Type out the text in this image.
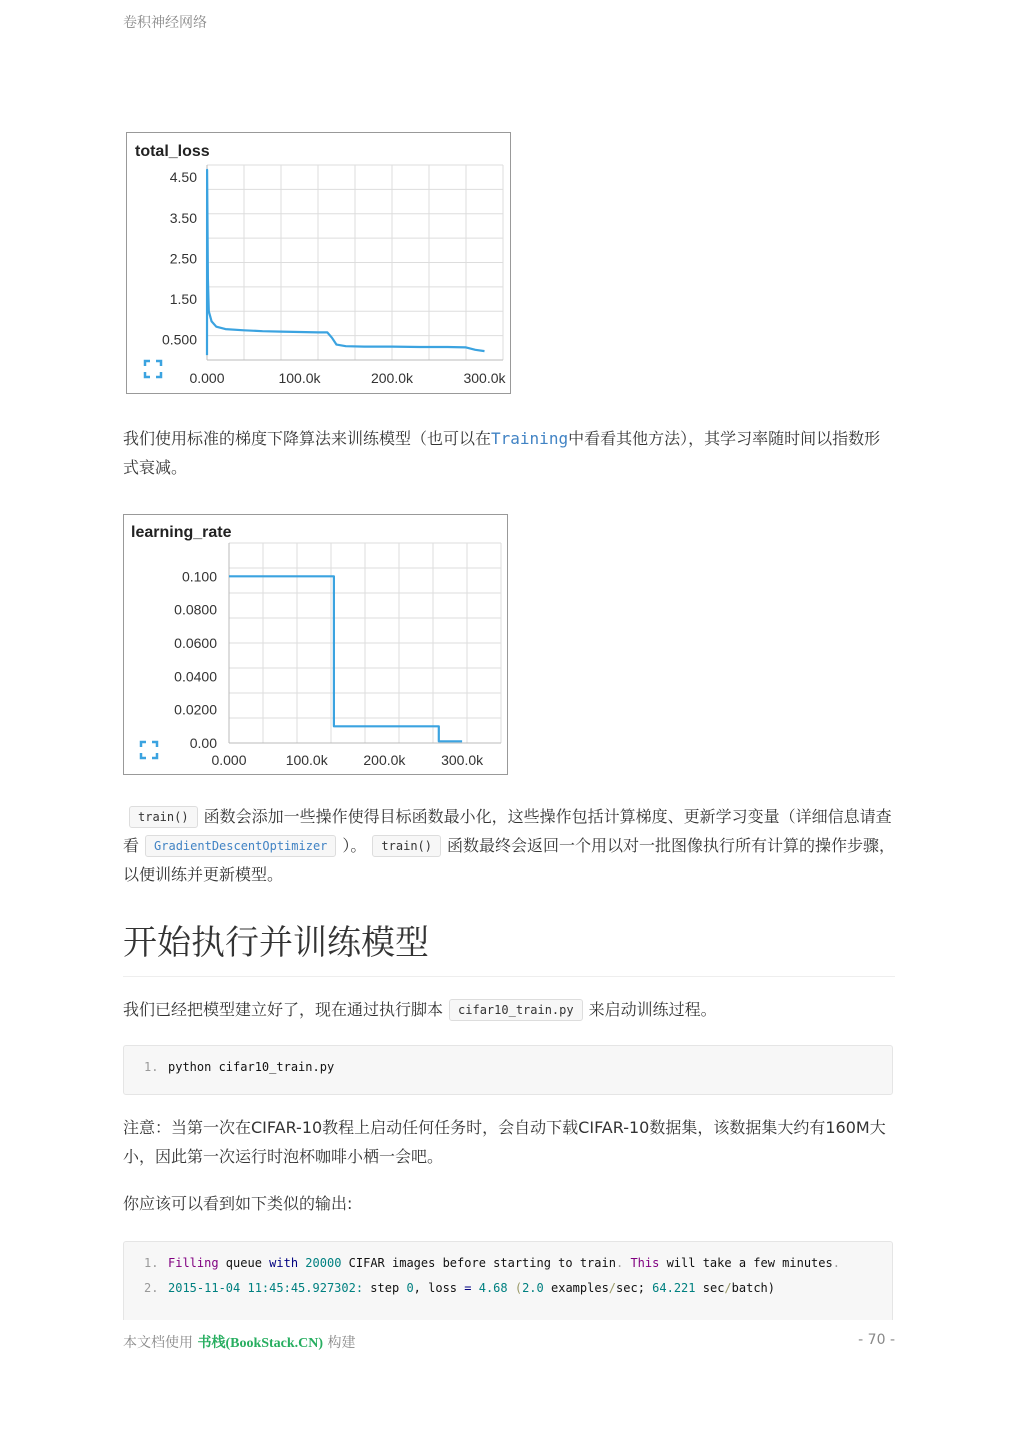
卷积神经网络
total_loss
4.50
3.50
2.50
1.50
0.500
0.000	100.0k	200.0k	300.0k

我们使用标准的梯度下降算法来训练模型（也可以在Training中看看其他方法），其学习率随时间以指数形式衰减。

learning_rate
0.100
0.0800
0.0600
0.0400
0.0200
0.00
0.000	100.0k	200.0k	300.0k

train() 函数会添加一些操作使得目标函数最小化，这些操作包括计算梯度、更新学习变量（详细信息请查看 GradientDescentOptimizer ）。 train() 函数最终会返回一个用以对一批图像执行所有计算的操作步骤，以便训练并更新模型。

开始执行并训练模型

我们已经把模型建立好了，现在通过执行脚本 cifar10_train.py 来启动训练过程。

1. python cifar10_train.py

注意：当第一次在CIFAR-10教程上启动任何任务时，会自动下载CIFAR-10数据集，该数据集大约有160M大小，因此第一次运行时泡杯咖啡小栖一会吧。

你应该可以看到如下类似的输出:

1. Filling queue with 20000 CIFAR images before starting to train. This will take a few minutes.
2. 2015-11-04 11:45:45.927302: step 0, loss = 4.68 (2.0 examples/sec; 64.221 sec/batch)
本文档使用 书栈(BookStack.CN) 构建	- 70 -
